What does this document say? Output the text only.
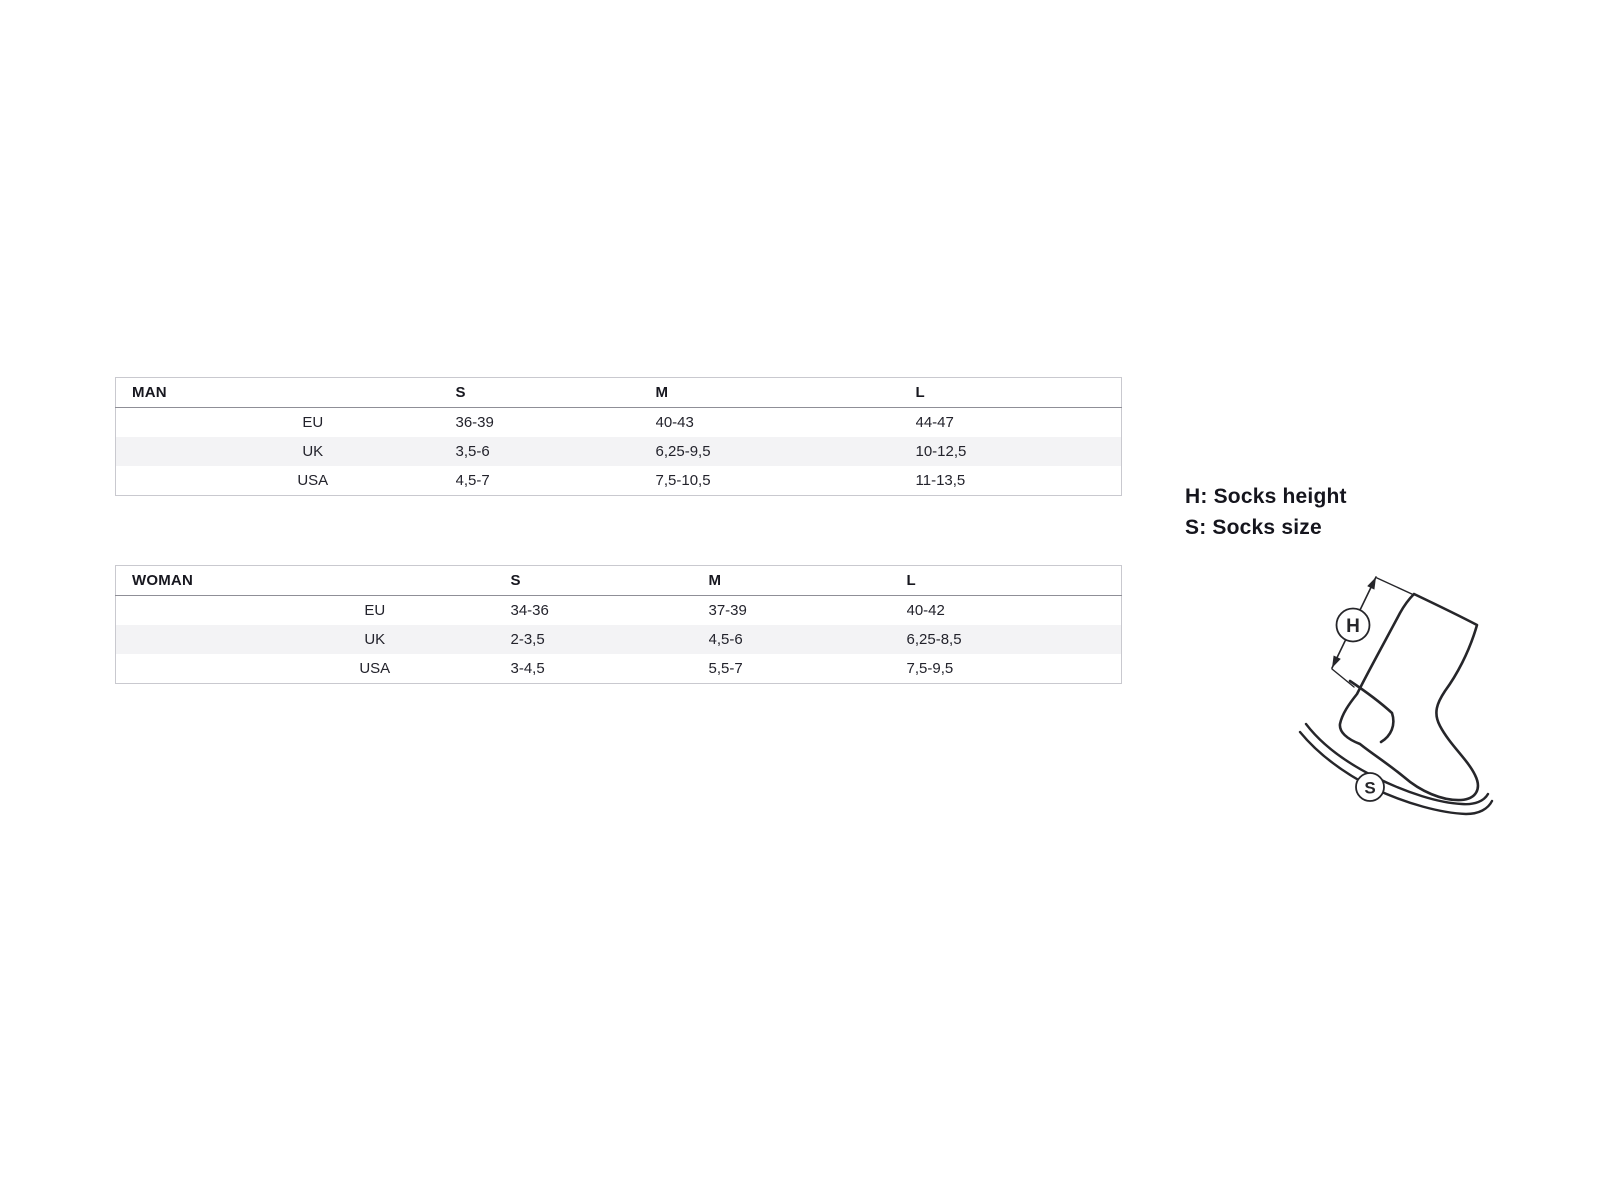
MAN	S	M	L
EU	36-39	40-43	44-47
UK	3,5-6	6,25-9,5	10-12,5
USA	4,5-7	7,5-10,5	11-13,5
WOMAN	S	M	L
EU	34-36	37-39	40-42
UK	2-3,5	4,5-6	6,25-8,5
USA	3-4,5	5,5-7	7,5-9,5
H: Socks height
S: Socks size
H
S
